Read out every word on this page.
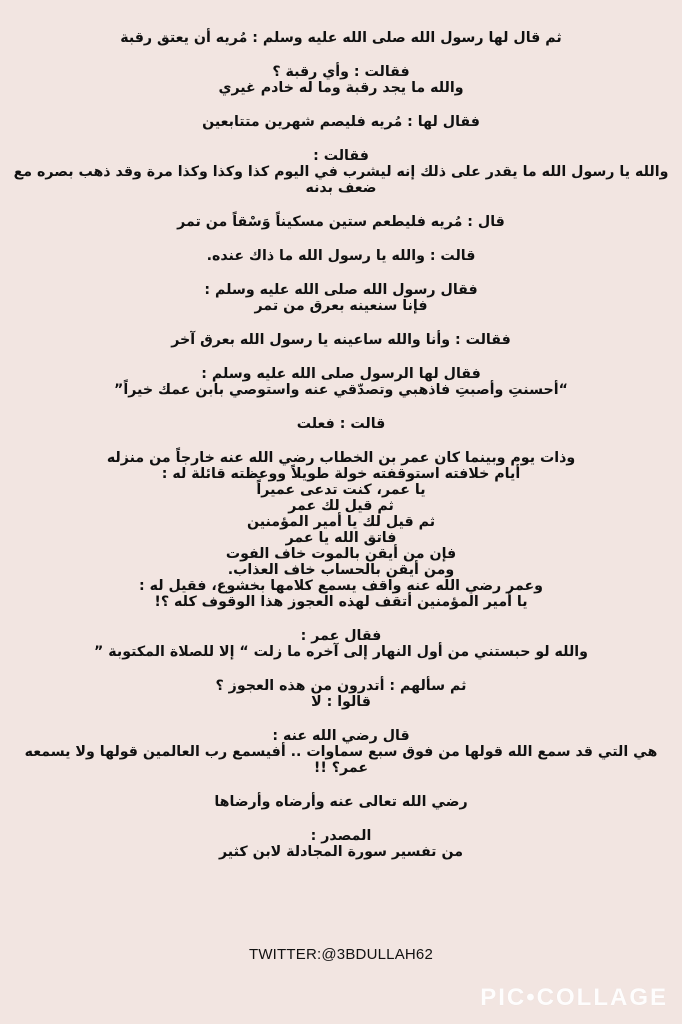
ثم قال لها رسول الله صلى الله عليه وسلم : مُريه أن يعتق رقبة
فقالت : وأي رقبة ؟
والله ما يجد رقبة وما له خادم غيري
فقال لها : مُريه فليصم شهرين متتابعين
فقالت :
والله يا رسول الله ما يقدر على ذلك إنه ليشرب في اليوم كذا وكذا وكذا مرة وقد ذهب بصره مع
ضعف بدنه
قال : مُريه فليطعم ستين مسكيناً وَسْقاً من تمر
قالت : والله يا رسول الله ما ذاك عنده.
فقال رسول الله صلى الله عليه وسلم :
فإنا سنعينه بعرق من تمر
فقالت : وأنا والله ساعينه يا رسول الله بعرق آخر
فقال لها الرسول صلى الله عليه وسلم :
“أحسنتِ وأصبتِ فاذهبي وتصدّقي عنه واستوصي بابن عمك خيراً”
قالت : فعلت
وذات يوم وبينما كان عمر بن الخطاب رضي الله عنه خارجاً من منزله
أيام خلافته استوقفته خولة طويلاً ووعظته قائلة له :
يا عمر، كنت تدعى عميراً
ثم قيل لك عمر
ثم قيل لك يا أمير المؤمنين
فاتق الله يا عمر
فإن من أيقن بالموت خاف الفوت
ومن أيقن بالحساب خاف العذاب.
وعمر رضي الله عنه واقف يسمع كلامها بخشوع، فقيل له :
يا أمير المؤمنين أتقف لهذه العجوز هذا الوقوف كله ؟!
فقال عمر :
والله لو حبستني من أول النهار إلى آخره ما زلت “ إلا للصلاة المكتوبة ”
ثم سألهم : أتدرون من هذه العجوز ؟
قالوا : لا
قال رضي الله عنه :
هي التي قد سمع الله قولها من فوق سبع سماوات .. أفيسمع رب العالمين قولها ولا يسمعه
عمر؟ !!
رضي الله تعالى عنه وأرضاه وأرضاها
المصدر :
من تفسير سورة المجادلة لابن كثير
TWITTER:@3BDULLAH62
PIC•COLLAGE
